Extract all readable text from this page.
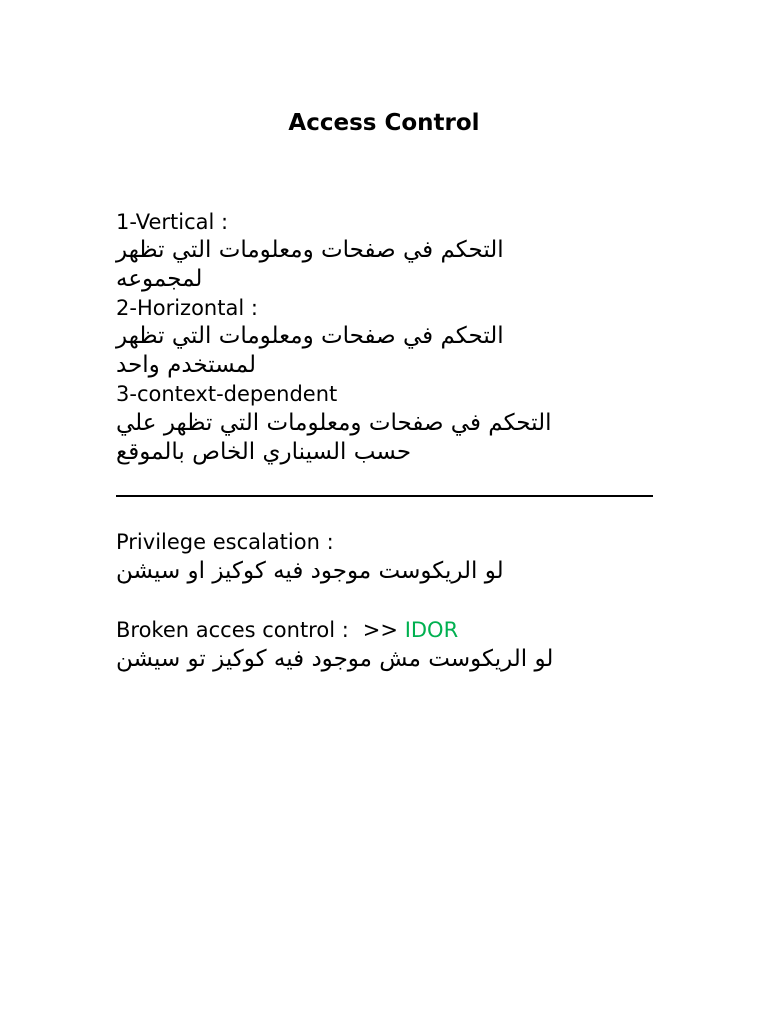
Access Control
1-Vertical :
التحكم في صفحات ومعلومات التي تظهر
لمجموعه
2-Horizontal :
التحكم في صفحات ومعلومات التي تظهر
لمستخدم واحد
3-context-dependent
التحكم في صفحات ومعلومات التي تظهر علي
حسب السيناري الخاص بالموقع
Privilege escalation :
لو الريكوست موجود فيه كوكيز او سيشن
Broken acces control : >> IDOR
لو الريكوست مش موجود فيه كوكيز تو سيشن
